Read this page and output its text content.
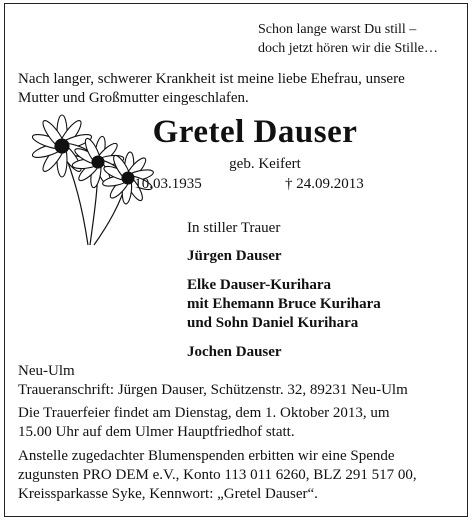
Schon lange warst Du still –
doch jetzt hören wir die Stille…
Nach langer, schwerer Krankheit ist meine liebe Ehefrau, unsere
Mutter und Großmutter eingeschlafen.
Gretel Dauser
geb. Keifert
* 10.03.1935	† 24.09.2013
In stiller Trauer
Jürgen Dauser
Elke Dauser-Kurihara
mit Ehemann Bruce Kurihara
und Sohn Daniel Kurihara
Jochen Dauser
Neu-Ulm
Traueranschrift: Jürgen Dauser, Schützenstr. 32, 89231 Neu-Ulm
Die Trauerfeier findet am Dienstag, dem 1. Oktober 2013, um
15.00 Uhr auf dem Ulmer Hauptfriedhof statt.
Anstelle zugedachter Blumenspenden erbitten wir eine Spende
zugunsten PRO DEM e.V., Konto 113 011 6260, BLZ 291 517 00,
Kreissparkasse Syke, Kennwort: „Gretel Dauser“.
